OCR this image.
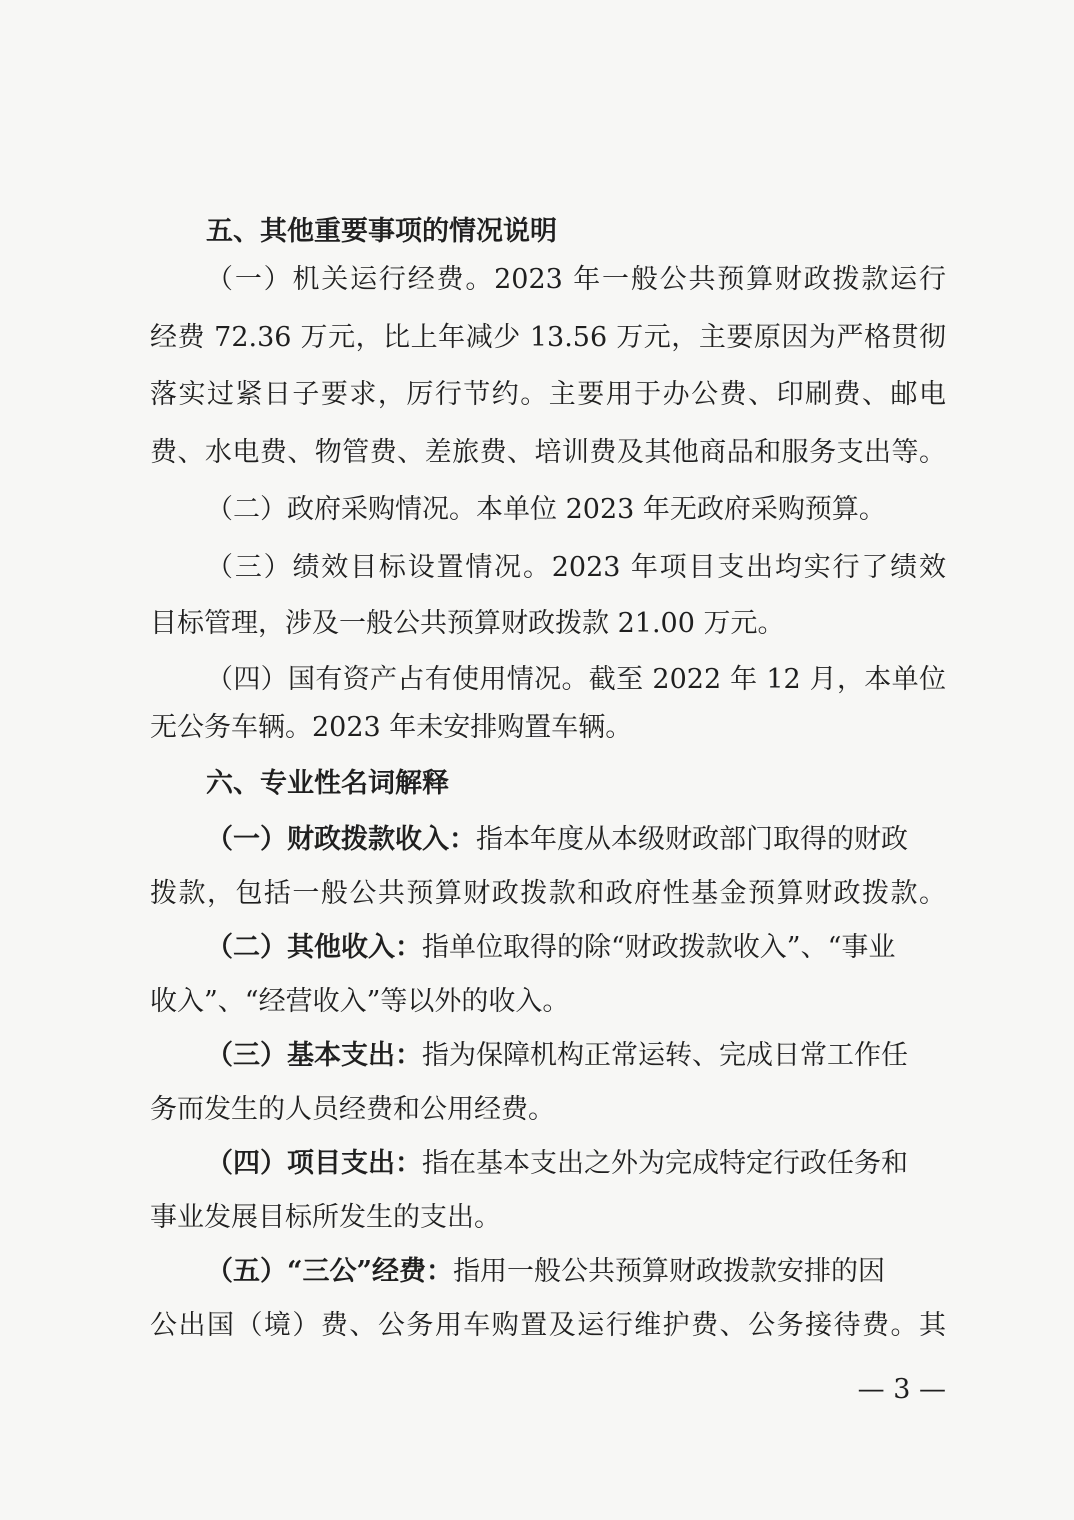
五、其他重要事项的情况说明
（一）机关运行经费。2023 年一般公共预算财政拨款运行
经费 72.36 万元，比上年减少 13.56 万元，主要原因为严格贯彻
落实过紧日子要求，厉行节约。主要用于办公费、印刷费、邮电
费、水电费、物管费、差旅费、培训费及其他商品和服务支出等。
（二）政府采购情况。本单位 2023 年无政府采购预算。
（三）绩效目标设置情况。2023 年项目支出均实行了绩效
目标管理，涉及一般公共预算财政拨款 21.00 万元。
（四）国有资产占有使用情况。截至 2022 年 12 月，本单位
无公务车辆。2023 年未安排购置车辆。
六、专业性名词解释
（一）财政拨款收入：指本年度从本级财政部门取得的财政
拨款，包括一般公共预算财政拨款和政府性基金预算财政拨款。
（二）其他收入：指单位取得的除“财政拨款收入”、“事业
收入”、“经营收入”等以外的收入。
（三）基本支出：指为保障机构正常运转、完成日常工作任
务而发生的人员经费和公用经费。
（四）项目支出：指在基本支出之外为完成特定行政任务和
事业发展目标所发生的支出。
（五）“三公”经费：指用一般公共预算财政拨款安排的因
公出国（境）费、公务用车购置及运行维护费、公务接待费。其
— 3 —
